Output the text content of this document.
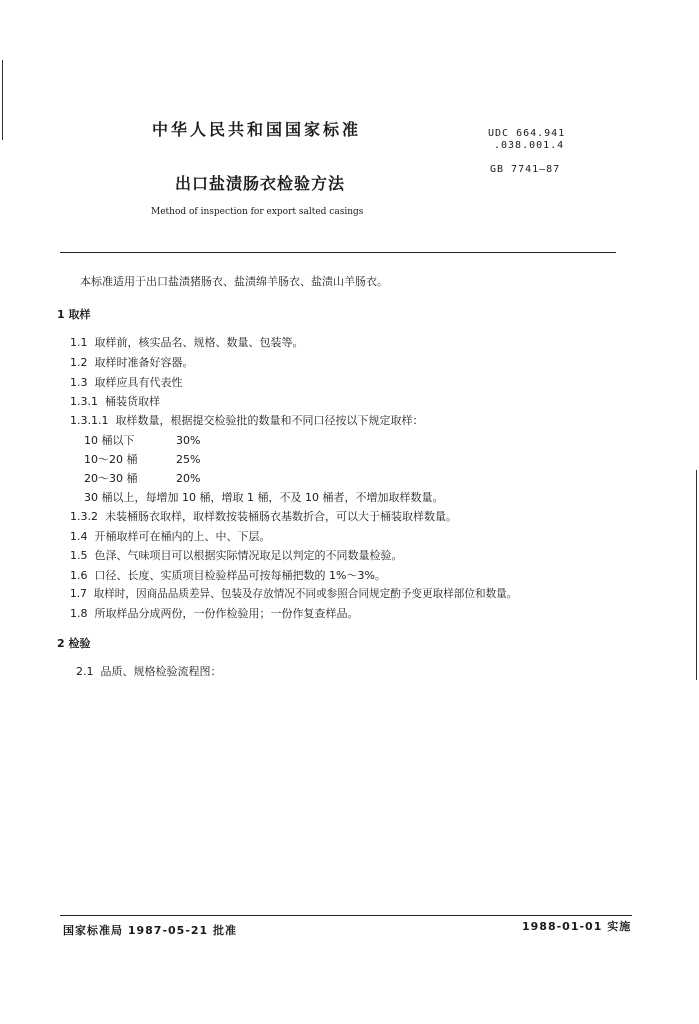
中华人民共和国国家标准	UDC 664.941
.038.001.4
GB 7741—87
出口盐渍肠衣检验方法
Method of inspection for export salted casings
本标准适用于出口盐渍猪肠衣、盐渍绵羊肠衣、盐渍山羊肠衣。
1 取样
1.1 取样前，核实品名、规格、数量、包装等。
1.2 取样时准备好容器。
1.3 取样应具有代表性
1.3.1 桶装货取样
1.3.1.1 取样数量，根据提交检验批的数量和不同口径按以下规定取样：
10 桶以下	30%
10～20 桶	25%
20～30 桶	20%
30 桶以上，每增加 10 桶，增取 1 桶，不及 10 桶者，不增加取样数量。
1.3.2 未装桶肠衣取样，取样数按装桶肠衣基数折合，可以大于桶装取样数量。
1.4 开桶取样可在桶内的上、中、下层。
1.5 色泽、气味项目可以根据实际情况取足以判定的不同数量检验。
1.6 口径、长度、实质项目检验样品可按每桶把数的 1%～3%。
1.7 取样时，因商品品质差异、包装及存放情况不同或参照合同规定酌予变更取样部位和数量。
1.8 所取样品分成两份，一份作检验用；一份作复查样品。
2 检验
2.1 品质、规格检验流程图：
国家标准局 1987-05-21 批准	1988-01-01 实施
